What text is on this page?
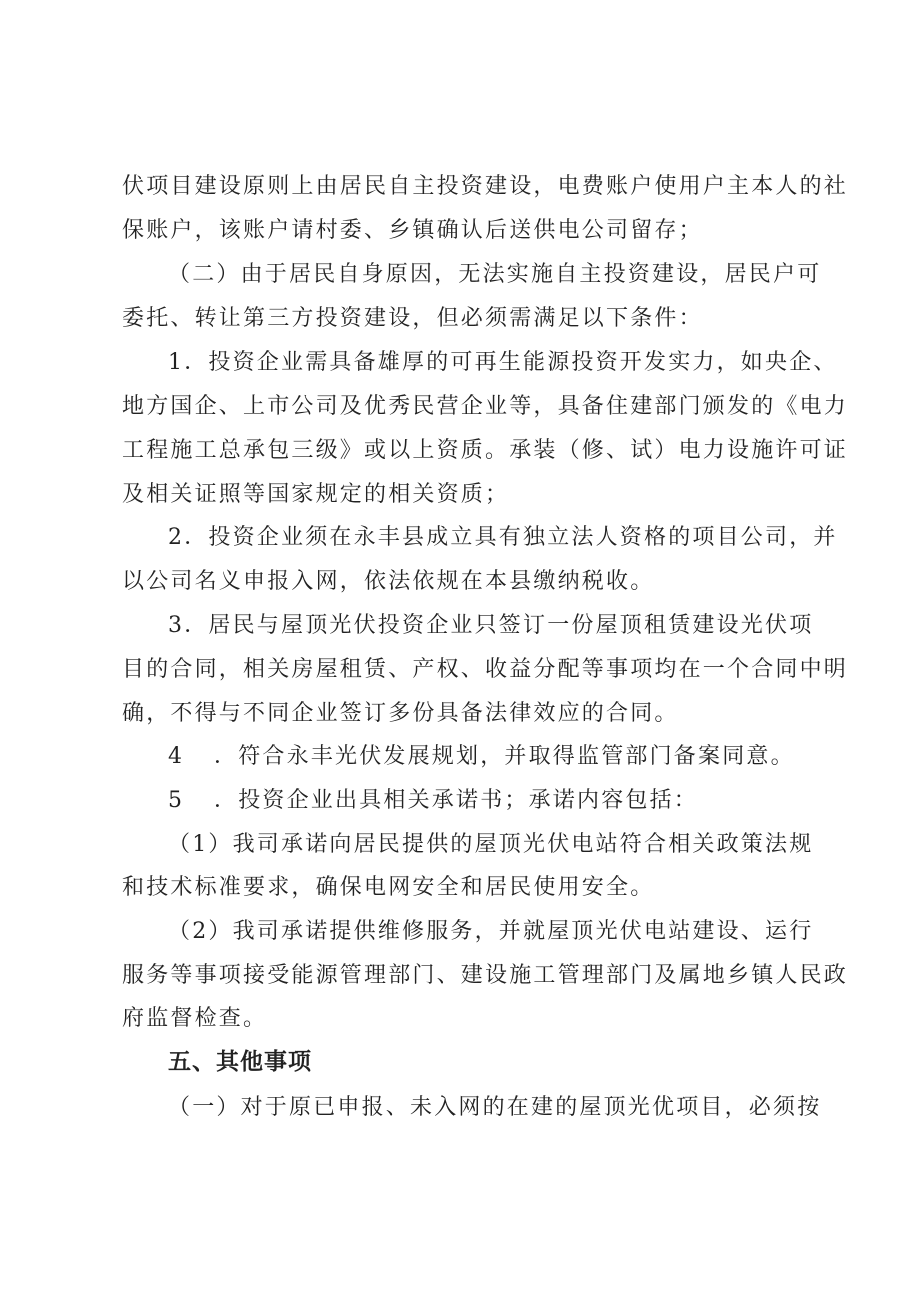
伏项目建设原则上由居民自主投资建设，电费账户使用户主本人的社
保账户，该账户请村委、乡镇确认后送供电公司留存；
（二）由于居民自身原因，无法实施自主投资建设，居民户可
委托、转让第三方投资建设，但必须需满足以下条件：
1．投资企业需具备雄厚的可再生能源投资开发实力，如央企、
地方国企、上市公司及优秀民营企业等，具备住建部门颁发的《电力
工程施工总承包三级》或以上资质。承装（修、试）电力设施许可证
及相关证照等国家规定的相关资质；
2．投资企业须在永丰县成立具有独立法人资格的项目公司，并
以公司名义申报入网，依法依规在本县缴纳税收。
3．居民与屋顶光伏投资企业只签订一份屋顶租赁建设光伏项
目的合同，相关房屋租赁、产权、收益分配等事项均在一个合同中明
确，不得与不同企业签订多份具备法律效应的合同。
4 ．符合永丰光伏发展规划，并取得监管部门备案同意。
5 ．投资企业出具相关承诺书；承诺内容包括：
（1）我司承诺向居民提供的屋顶光伏电站符合相关政策法规
和技术标准要求，确保电网安全和居民使用安全。
（2）我司承诺提供维修服务，并就屋顶光伏电站建设、运行
服务等事项接受能源管理部门、建设施工管理部门及属地乡镇人民政
府监督检查。
五、其他事项
（一）对于原已申报、未入网的在建的屋顶光优项目，必须按
